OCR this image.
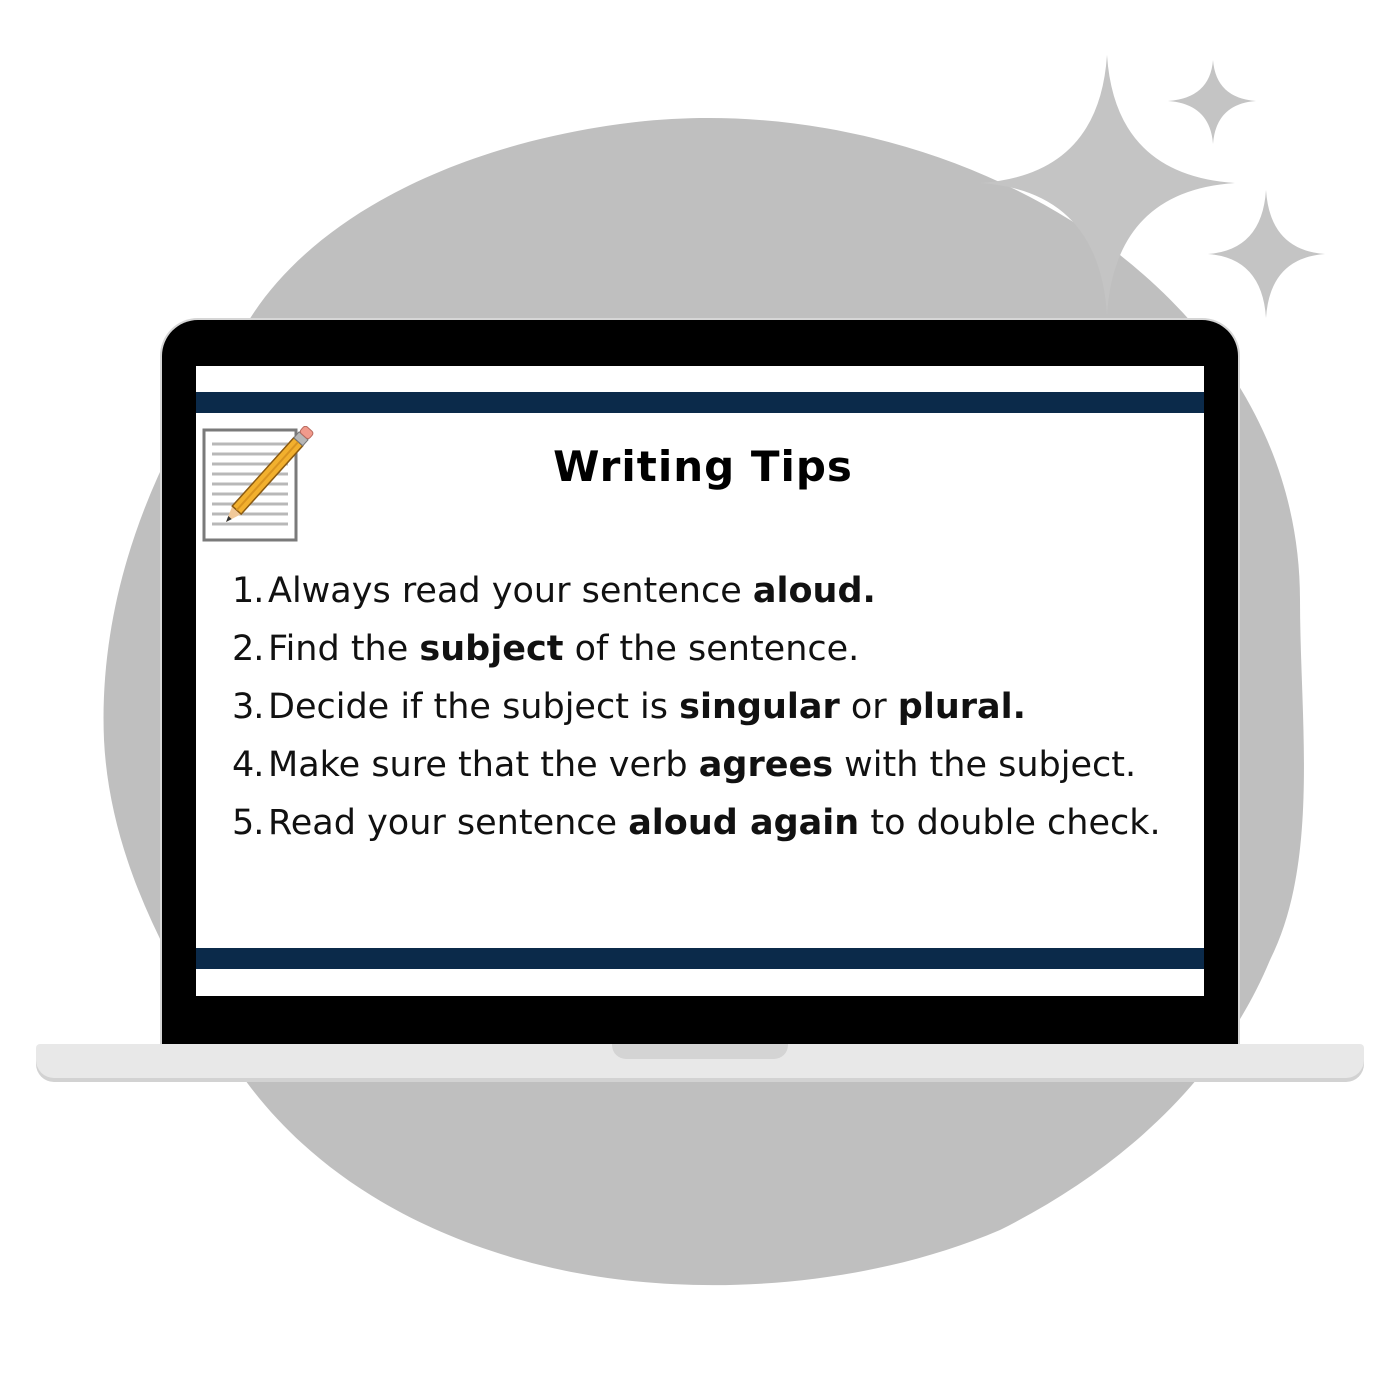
Writing Tips
1. Always read your sentence aloud.
2. Find the subject of the sentence.
3. Decide if the subject is singular or plural.
4. Make sure that the verb agrees with the subject.
5. Read your sentence aloud again to double check.
